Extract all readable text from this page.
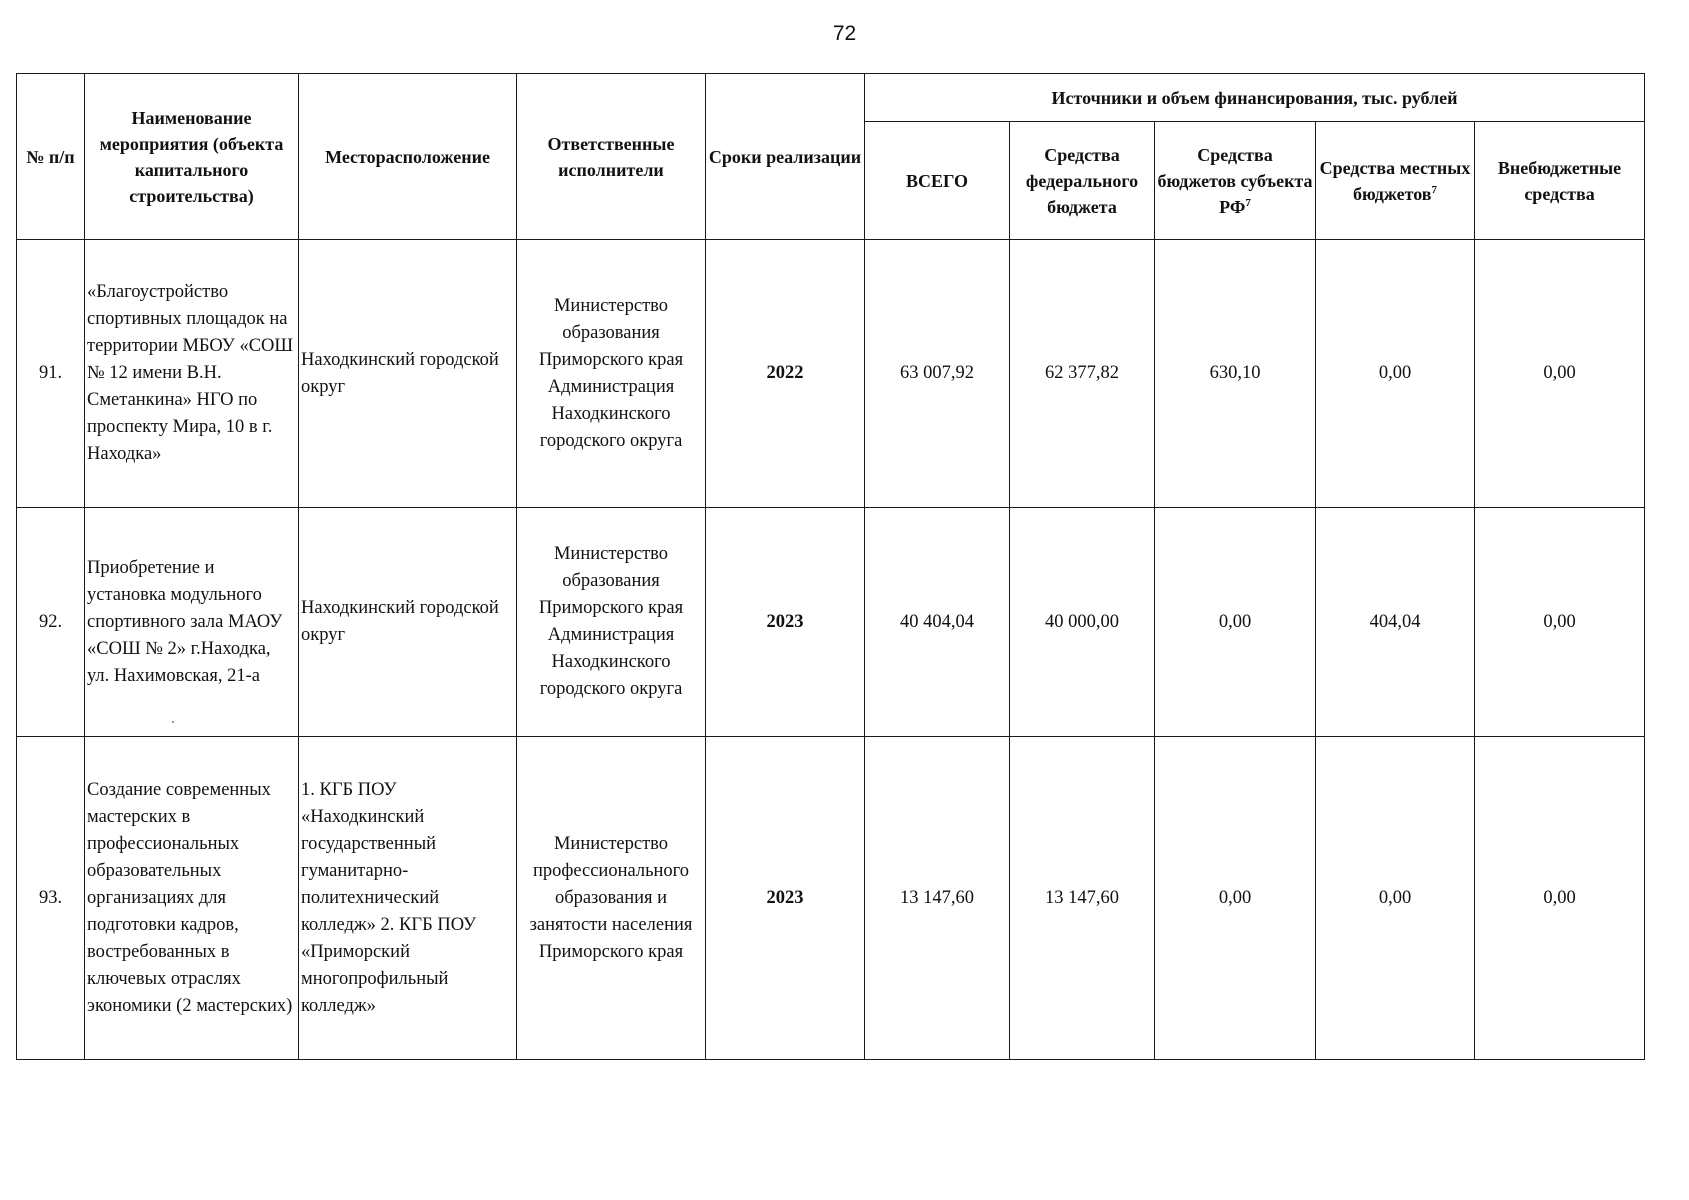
72
№ п/п	Наименование мероприятия (объекта капитального строительства)	Месторасположение	Ответственные исполнители	Сроки реализации	Источники и объем финансирования, тыс. рублей				
					ВСЕГО	Средства федерального бюджета	Средства бюджетов субъекта $РФ^7$	Средства местных бюджетов$^7$	Внебюджетные средства
91.	«Благоустройство спортивных площадок на территории МБОУ «СОШ № 12 имени В.Н. Сметанкина» НГО по проспекту Мира, 10 в г. Находка»	Находкинский городской округ	Министерство образования Приморского края Администрация Находкинского городского округа	2022	63 007,92	62 377,82	630,10	0,00	0,00
92.	Приобретение и установка модульного спортивного зала МАОУ «СОШ № 2» г.Находка, ул. Нахимовская, 21-а	Находкинский городской округ	Министерство образования Приморского края Администрация Находкинского городского округа	2023	40 404,04	40 000,00	0,00	404,04	0,00
93.	Создание современных мастерских в профессиональных образовательных организациях для подготовки кадров, востребованных в ключевых отраслях экономики (2 мастерских)	1. КГБ ПОУ «Находкинский государственный гуманитарно-политехнический колледж» 2. КГБ ПОУ «Приморский многопрофильный колледж»	Министерство профессионального образования и занятости населения Приморского края	2023	13 147,60	13 147,60	0,00	0,00	0,00
